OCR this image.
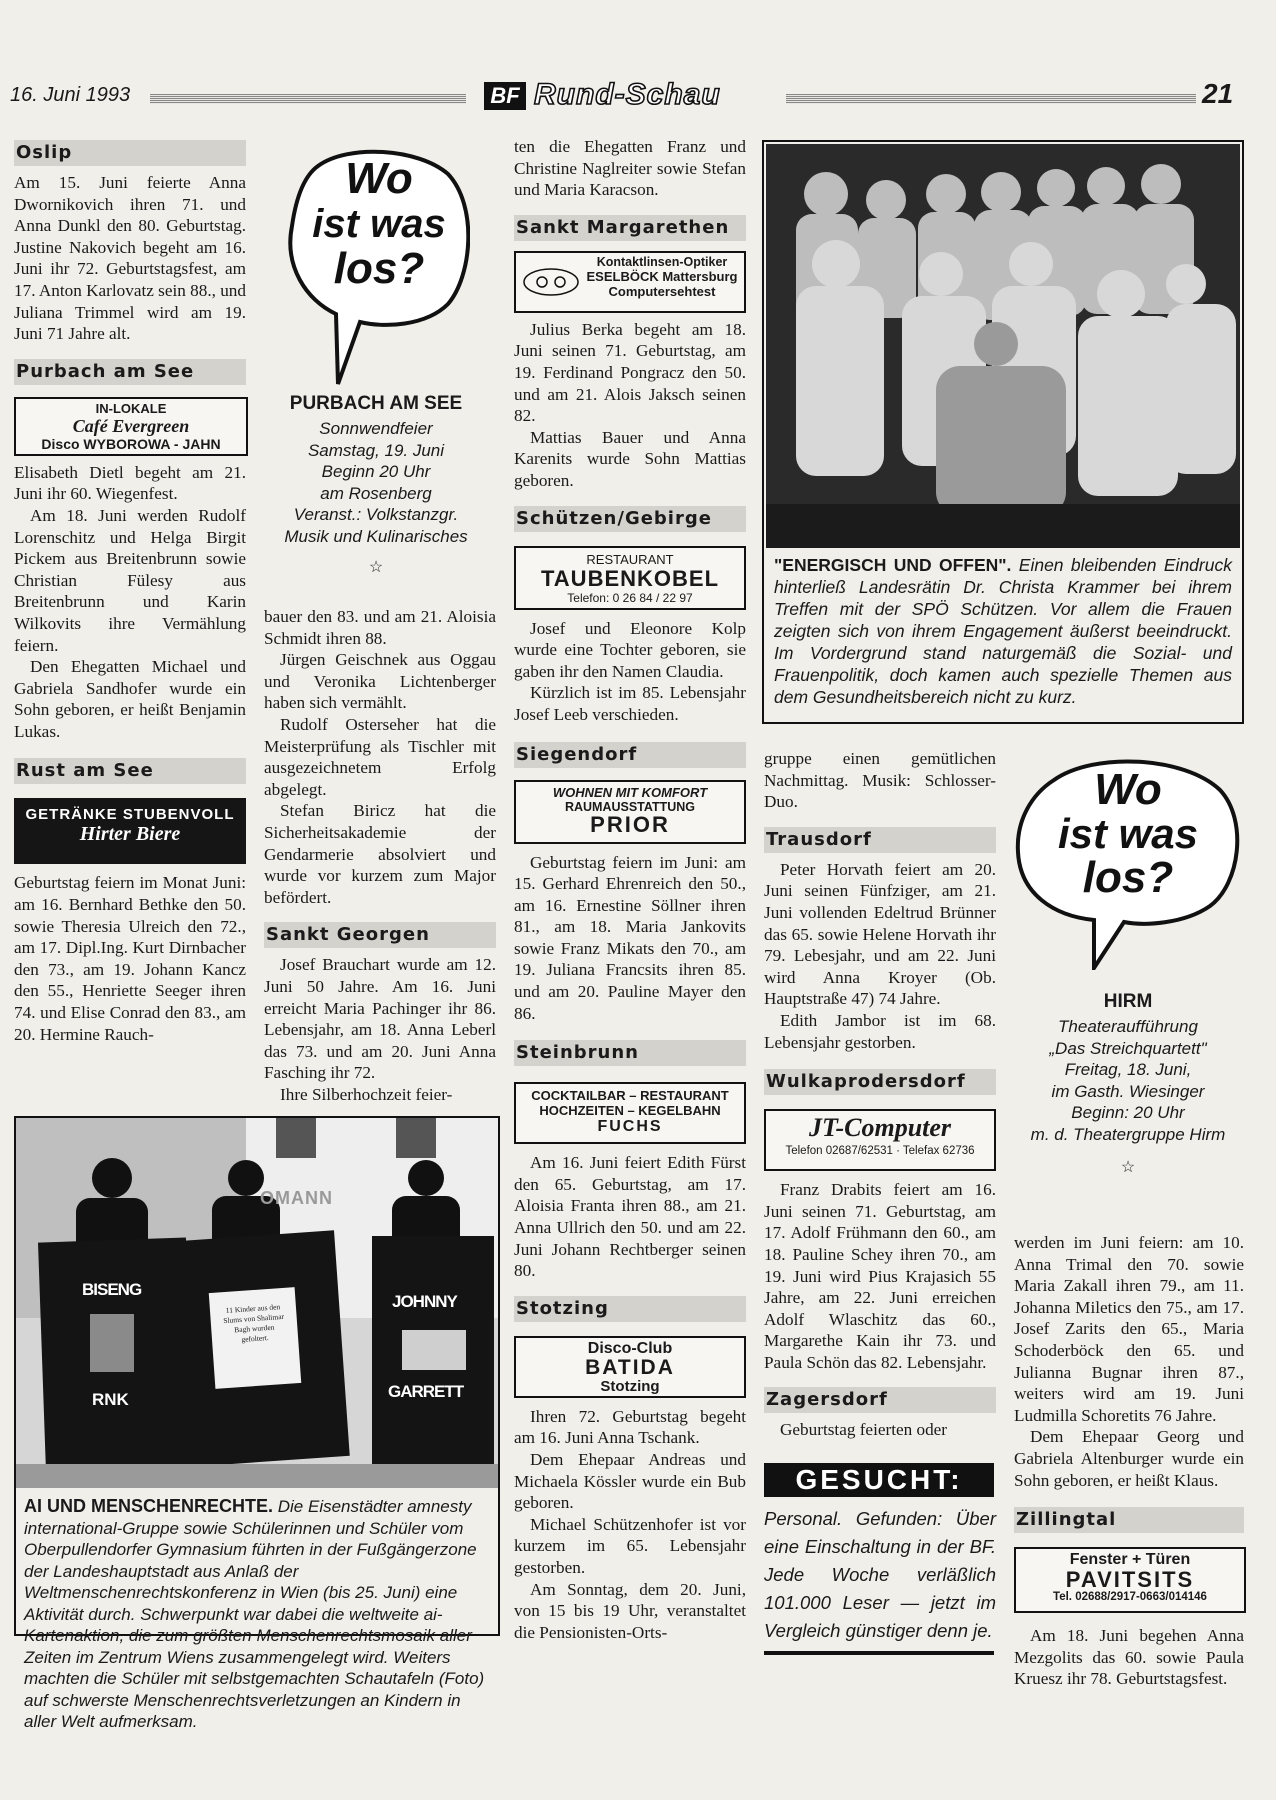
16. Juni 1993	BF Rund-Schau	21
Oslip

Am 15. Juni feierte Anna Dwornikovich ihren 71. und Anna Dunkl den 80. Geburtstag. Justine Nakovich begeht am 16. Juni ihr 72. Geburtstagsfest, am 17. Anton Karlovatz sein 88., und Juliana Trimmel wird am 19. Juni 71 Jahre alt.

Purbach am See
IN-LOKALE
Café Evergreen
Disco WYBOROWA - JAHN

Elisabeth Dietl begeht am 21. Juni ihr 60. Wiegenfest.

Am 18. Juni werden Rudolf Lorenschitz und Helga Birgit Pickem aus Breitenbrunn sowie Christian Fülesy aus Breitenbrunn und Karin Wilkovits ihre Vermählung feiern.

Den Ehegatten Michael und Gabriela Sandhofer wurde ein Sohn geboren, er heißt Benjamin Lukas.

Rust am See
GETRÄNKE STUBENVOLL
Hirter Biere

Geburtstag feiern im Monat Juni: am 16. Bernhard Bethke den 50. sowie Theresia Ulreich den 72., am 17. Dipl.Ing. Kurt Dirnbacher den 73., am 19. Johann Kancz den 55., Henriette Seeger ihren 74. und Elise Conrad den 83., am 20. Hermine Rauch-

Wo
ist was
los?
PURBACH AM SEE
Sonnwendfeier
Samstag, 19. Juni
Beginn 20 Uhr
am Rosenberg
Veranst.: Volkstanzgr.
Musik und Kulinarisches
☆

bauer den 83. und am 21. Aloisia Schmidt ihren 88.

Jürgen Geischnek aus Oggau und Veronika Lichtenberger haben sich vermählt.

Rudolf Osterseher hat die Meisterprüfung als Tischler mit ausgezeichnetem Erfolg abgelegt.

Stefan Biricz hat die Sicherheitsakademie der Gendarmerie absolviert und wurde vor kurzem zum Major befördert.

Sankt Georgen

Josef Brauchart wurde am 12. Juni 50 Jahre. Am 16. Juni erreicht Maria Pachinger ihr 86. Lebensjahr, am 18. Anna Leberl das 73. und am 20. Juni Anna Fasching ihr 72.

Ihre Silberhochzeit feier-

ten die Ehegatten Franz und Christine Naglreiter sowie Stefan und Maria Karacson.

Sankt Margarethen
Kontaktlinsen-Optiker
ESELBÖCK Mattersburg
Computersehtest

Julius Berka begeht am 18. Juni seinen 71. Geburtstag, am 19. Ferdinand Pongracz den 50. und am 21. Alois Jaksch seinen 82.

Mattias Bauer und Anna Karenits wurde Sohn Mattias geboren.

Schützen/Gebirge
RESTAURANT
TAUBENKOBEL
Telefon: 0 26 84 / 22 97

Josef und Eleonore Kolp wurde eine Tochter geboren, sie gaben ihr den Namen Claudia.

Kürzlich ist im 85. Lebensjahr Josef Leeb verschieden.

Siegendorf
WOHNEN MIT KOMFORT
RAUMAUSSTATTUNG
PRIOR

Geburtstag feiern im Juni: am 15. Gerhard Ehrenreich den 50., am 16. Ernestine Söllner ihren 81., am 18. Maria Jankovits sowie Franz Mikats den 70., am 19. Juliana Francsits ihren 85. und am 20. Pauline Mayer den 86.

Steinbrunn
COCKTAILBAR – RESTAURANT
HOCHZEITEN – KEGELBAHN
FUCHS

Am 16. Juni feiert Edith Fürst den 65. Geburtstag, am 17. Aloisia Franta ihren 88., am 21. Anna Ullrich den 50. und am 22. Juni Johann Rechtberger seinen 80.

Stotzing
Disco-Club
BATIDA
Stotzing

Ihren 72. Geburtstag begeht am 16. Juni Anna Tschank.

Dem Ehepaar Andreas und Michaela Kössler wurde ein Bub geboren.

Michael Schützenhofer ist vor kurzem im 65. Lebensjahr gestorben.

Am Sonntag, dem 20. Juni, von 15 bis 19 Uhr, veranstaltet die Pensionisten-Orts-

"ENERGISCH UND OFFEN". Einen bleibenden Eindruck hinterließ Landesrätin Dr. Christa Krammer bei ihrem Treffen mit der SPÖ Schützen. Vor allem die Frauen zeigten sich von ihrem Engagement äußerst beeindruckt. Im Vordergrund stand naturgemäß die Sozial- und Frauenpolitik, doch kamen auch spezielle Themen aus dem Gesundheitsbereich nicht zu kurz.

gruppe einen gemütlichen Nachmittag. Musik: Schlosser-Duo.

Trausdorf

Peter Horvath feiert am 20. Juni seinen Fünfziger, am 21. Juni vollenden Edeltrud Brünner das 65. sowie Helene Horvath ihr 79. Lebesjahr, und am 22. Juni wird Anna Kroyer (Ob. Hauptstraße 47) 74 Jahre.

Edith Jambor ist im 68. Lebensjahr gestorben.

Wulkaprodersdorf
JT-Computer
Telefon 02687/62531 · Telefax 62736

Franz Drabits feiert am 16. Juni seinen 71. Geburtstag, am 17. Adolf Frühmann den 60., am 18. Pauline Schey ihren 70., am 19. Juni wird Pius Krajasich 55 Jahre, am 22. Juni erreichen Adolf Wlaschitz das 60., Margarethe Kain ihr 73. und Paula Schön das 82. Lebensjahr.

Zagersdorf

Geburtstag feierten oder

GESUCHT:
Personal. Gefunden: Über eine Einschaltung in der BF. Jede Woche verläßlich 101.000 Leser — jetzt im Vergleich günstiger denn je.
Wo
ist was
los?
HIRM
Theateraufführung
„Das Streichquartett"
Freitag, 18. Juni,
im Gasth. Wiesinger
Beginn: 20 Uhr
m. d. Theatergruppe Hirm
☆

werden im Juni feiern: am 10. Anna Trimal den 70. sowie Maria Zakall ihren 79., am 11. Johanna Miletics den 75., am 17. Josef Zarits den 65., Maria Schoderböck den 65. und Julianna Bugnar ihren 87., weiters wird am 19. Juni Ludmilla Schoretits 76 Jahre.

Dem Ehepaar Georg und Gabriela Altenburger wurde ein Sohn geboren, er heißt Klaus.

Zillingtal
Fenster + Türen
PAVITSITS
Tel. 02688/2917-0663/014146

Am 18. Juni begehen Anna Mezgolits das 60. sowie Paula Kruesz ihr 78. Geburtstagsfest.

OMANN
BISENG
RNK
11 Kinder aus den Slums von Shalimar Bagh wurden gefoltert.
JOHNNY
GARRETT
AI UND MENSCHENRECHTE. Die Eisenstädter amnesty international-Gruppe sowie Schülerinnen und Schüler vom Oberpullendorfer Gymnasium führten in der Fußgängerzone der Landeshauptstadt aus Anlaß der Weltmenschenrechtskonferenz in Wien (bis 25. Juni) eine Aktivität durch. Schwerpunkt war dabei die weltweite ai-Kartenaktion, die zum größten Menschenrechtsmosaik aller Zeiten im Zentrum Wiens zusammengelegt wird. Weiters machten die Schüler mit selbstgemachten Schautafeln (Foto) auf schwerste Menschenrechtsverletzungen an Kindern in aller Welt aufmerksam.
